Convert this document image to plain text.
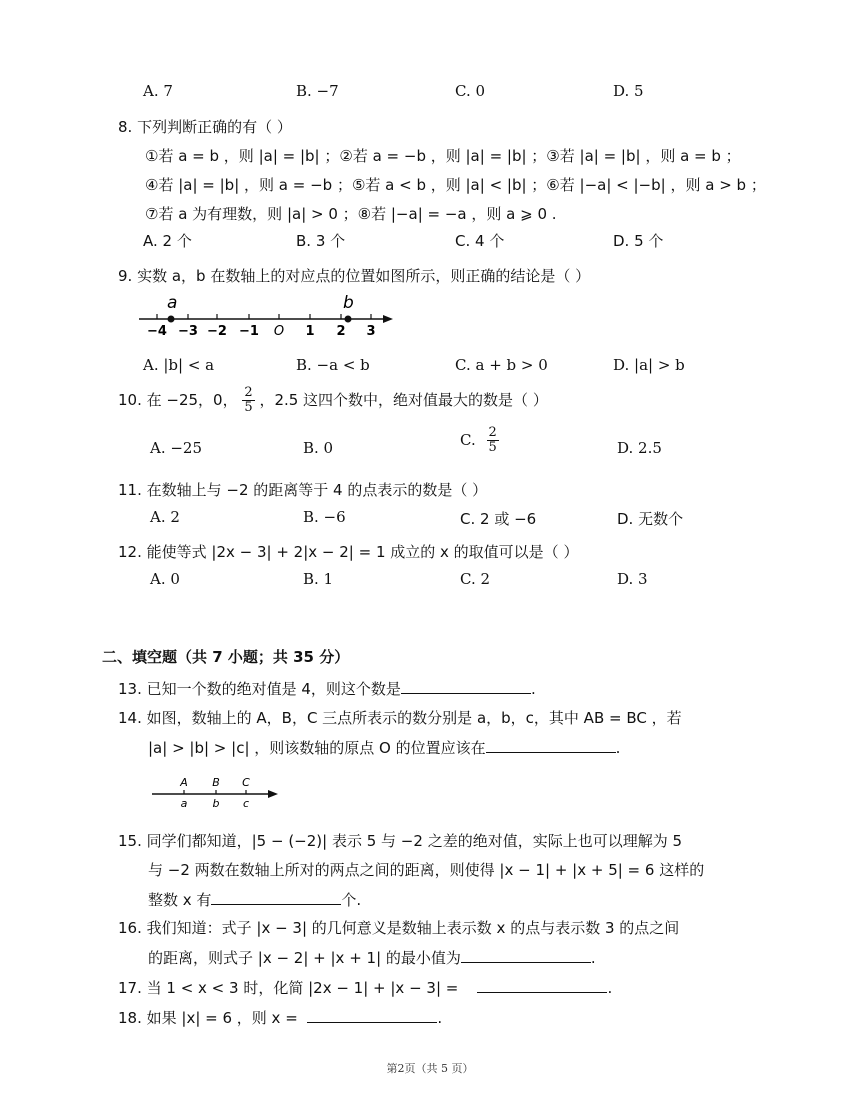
A. 7	B. −7	C. 0	D. 5
8. 下列判断正确的有（ ）
①若 a = b ，则 |a| = |b| ；②若 a = −b ，则 |a| = |b| ；③若 |a| = |b| ，则 a = b ；
④若 |a| = |b| ，则 a = −b ；⑤若 a < b ，则 |a| < |b| ；⑥若 |−a| < |−b| ，则 a > b ；
⑦若 a 为有理数，则 |a| > 0 ；⑧若 |−a| = −a ，则 a ⩾ 0 .
A. 2 个	B. 3 个	C. 4 个	D. 5 个
9. 实数 a，b 在数轴上的对应点的位置如图所示，则正确的结论是（ ）
a	b
−4 −3 −2 −1 O 1 2 3
A. |b| < a	B. −a < b	C. a + b > 0	D. |a| > b
10. 在 −25，0， $\frac{2}{5}$ ，2.5 这四个数中，绝对值最大的数是（ ）
A. −25	B. 0	C. $\frac{2}{5}$	D. 2.5
11. 在数轴上与 −2 的距离等于 4 的点表示的数是（ ）
A. 2	B. −6	C. 2 或 −6	D. 无数个
12. 能使等式 |2x − 3| + 2|x − 2| = 1 成立的 x 的取值可以是（ ）
A. 0	B. 1	C. 2	D. 3
二、填空题（共 7 小题；共 35 分）
13. 已知一个数的绝对值是 4，则这个数是	.
14. 如图，数轴上的 A，B，C 三点所表示的数分别是 a，b，c，其中 AB = BC ，若
|a| > |b| > |c| ，则该数轴的原点 O 的位置应该在	.
A B C
a b c
15. 同学们都知道，|5 − (−2)| 表示 5 与 −2 之差的绝对值，实际上也可以理解为 5
与 −2 两数在数轴上所对的两点之间的距离，则使得 |x − 1| + |x + 5| = 6 这样的
整数 x 有	个.
16. 我们知道：式子 |x − 3| 的几何意义是数轴上表示数 x 的点与表示数 3 的点之间
的距离，则式子 |x − 2| + |x + 1| 的最小值为	.
17. 当 1 < x < 3 时，化简 |2x − 1| + |x − 3| =	.
18. 如果 |x| = 6 ，则 x =	.
第2页（共 5 页）
